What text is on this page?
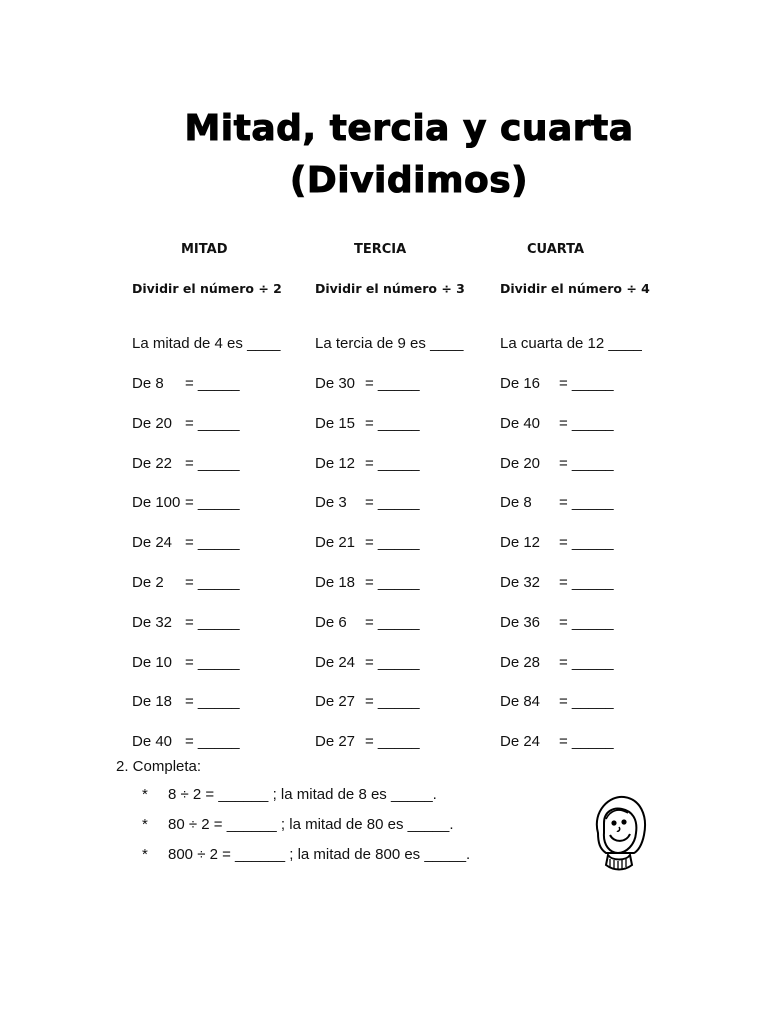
Mitad, tercia y cuarta
(Dividimos)
MITAD
Dividir el número ÷ 2
La mitad de 4 es ____
De 8 = _____
De 20 = _____
De 22 = _____
De 100 = _____
De 24 = _____
De 2 = _____
De 32 = _____
De 10 = _____
De 18 = _____
De 40 = _____
TERCIA
Dividir el número ÷ 3
La tercia de 9 es ____
De 30 = _____
De 15 = _____
De 12 = _____
De 3 = _____
De 21 = _____
De 18 = _____
De 6 = _____
De 24 = _____
De 27 = _____
De 27 = _____
CUARTA
Dividir el número ÷ 4
La cuarta de 12 ____
De 16 = _____
De 40 = _____
De 20 = _____
De 8 = _____
De 12 = _____
De 32 = _____
De 36 = _____
De 28 = _____
De 84 = _____
De 24 = _____
2. Completa:
* 8 ÷ 2 = ______ ; la mitad de 8 es _____.
* 80 ÷ 2 = ______ ; la mitad de 80 es _____.
* 800 ÷ 2 = ______ ; la mitad de 800 es _____.
